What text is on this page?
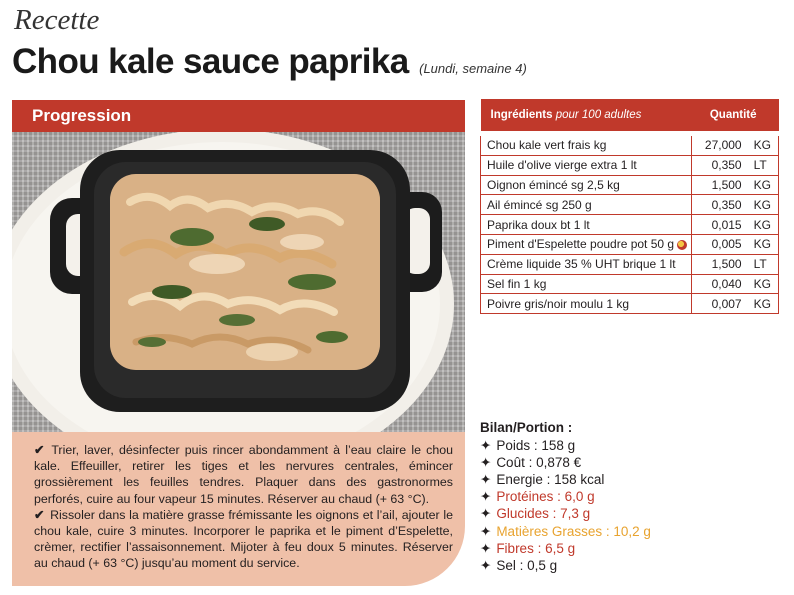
Recette
Chou kale sauce paprika (Lundi, semaine 4)
Progression

✔ Trier, laver, désinfecter puis rincer abondamment à l’eau claire le chou kale. Effeuiller, retirer les tiges et les nervures centrales, émincer grossièrement les feuilles tendres. Plaquer dans des gastronormes perforés, cuire au four vapeur 15 minutes. Réserver au chaud (+ 63 °C).

✔ Rissoler dans la matière grasse frémissante les oignons et l’ail, ajouter le chou kale, cuire 3 minutes. Incorporer le paprika et le piment d’Espelette, crèmer, rectifier l’assaisonnement. Mijoter à feu doux 5 minutes. Réserver au chaud (+ 63 °C) jusqu’au moment du service.

Ingrédients pour 100 adultes	Quantité	
Chou kale vert frais kg	27,000	KG
Huile d'olive vierge extra 1 lt	0,350	LT
Oignon émincé sg 2,5 kg	1,500	KG
Ail émincé sg 250 g	0,350	KG
Paprika doux bt 1 lt	0,015	KG
Piment d'Espelette poudre pot 50 g	0,005	KG
Crème liquide 35 % UHT brique 1 lt	1,500	LT
Sel fin 1 kg	0,040	KG
Poivre gris/noir moulu 1 kg	0,007	KG
Bilan/Portion :
✦ Poids : 158 g
✦ Coût : 0,878 €
✦ Energie : 158 kcal
✦ Protéines : 6,0 g
✦ Glucides : 7,3 g
✦ Matières Grasses : 10,2 g
✦ Fibres : 6,5 g
✦ Sel : 0,5 g
